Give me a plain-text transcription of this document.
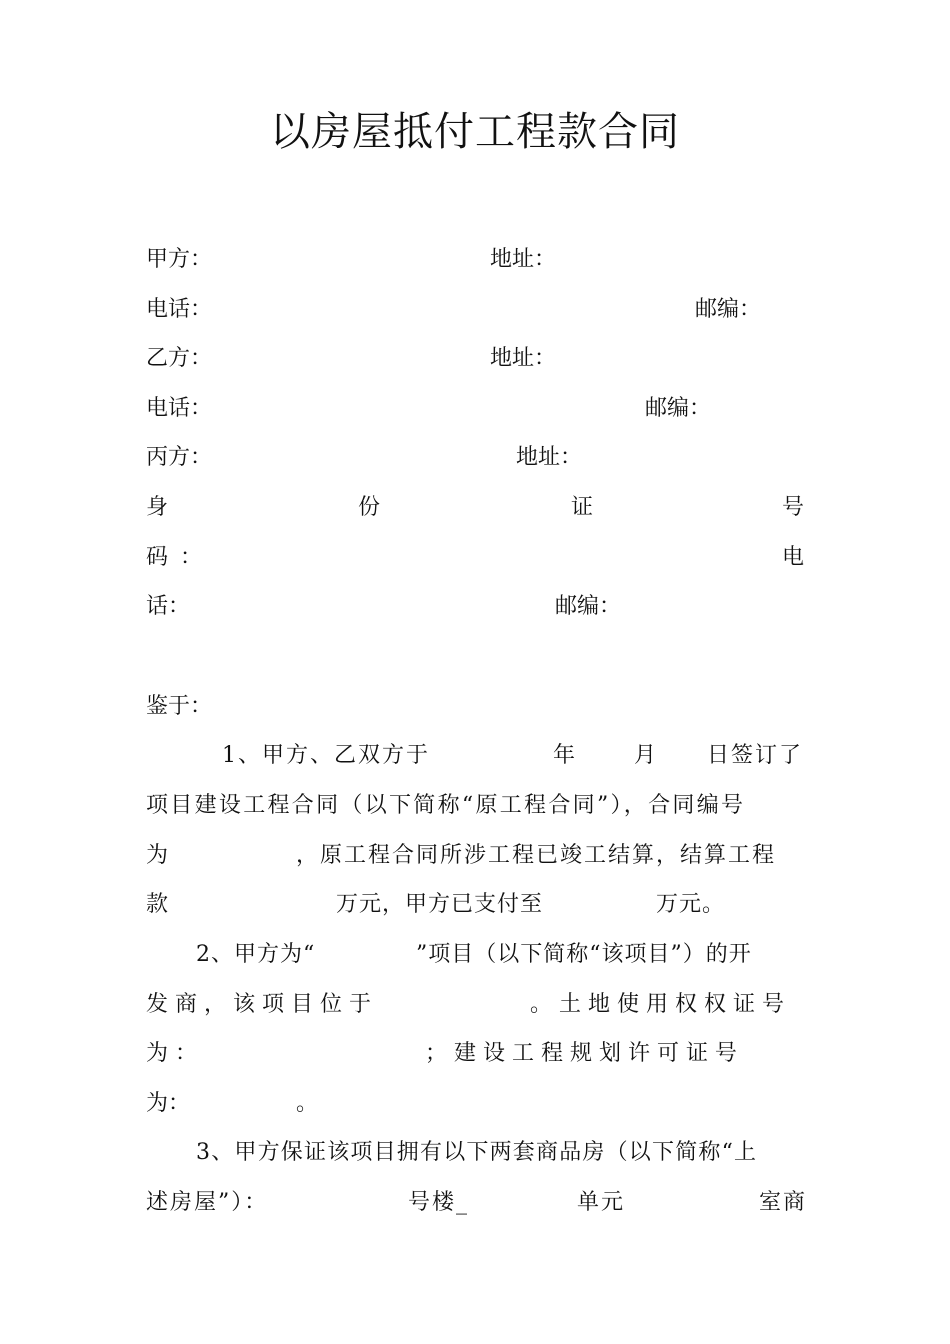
以房屋抵付工程款合同
甲方：	地址：
电话：	邮编：
乙方：	地址：
电话：	邮编：
丙方：	地址：
身	份	证	号
码 ：	电
话：	邮编：
鉴于：
1、甲方、乙双方于	年	月 日签订了
项目建设工程合同（以下简称“原工程合同”），合同编号
为	，原工程合同所涉工程已竣工结算，结算工程
款	万元，甲方已支付至	万元。
2、甲方为“	”项目（以下简称“该项目”）的开
发 商 ， 该 项 目 位 于	。 土 地 使 用 权 权 证 号
为 ：	； 建 设 工 程 规 划 许 可 证 号
为：	。
3、甲方保证该项目拥有以下两套商品房（以下简称“上
述房屋”）：	号楼_	单元	室商
